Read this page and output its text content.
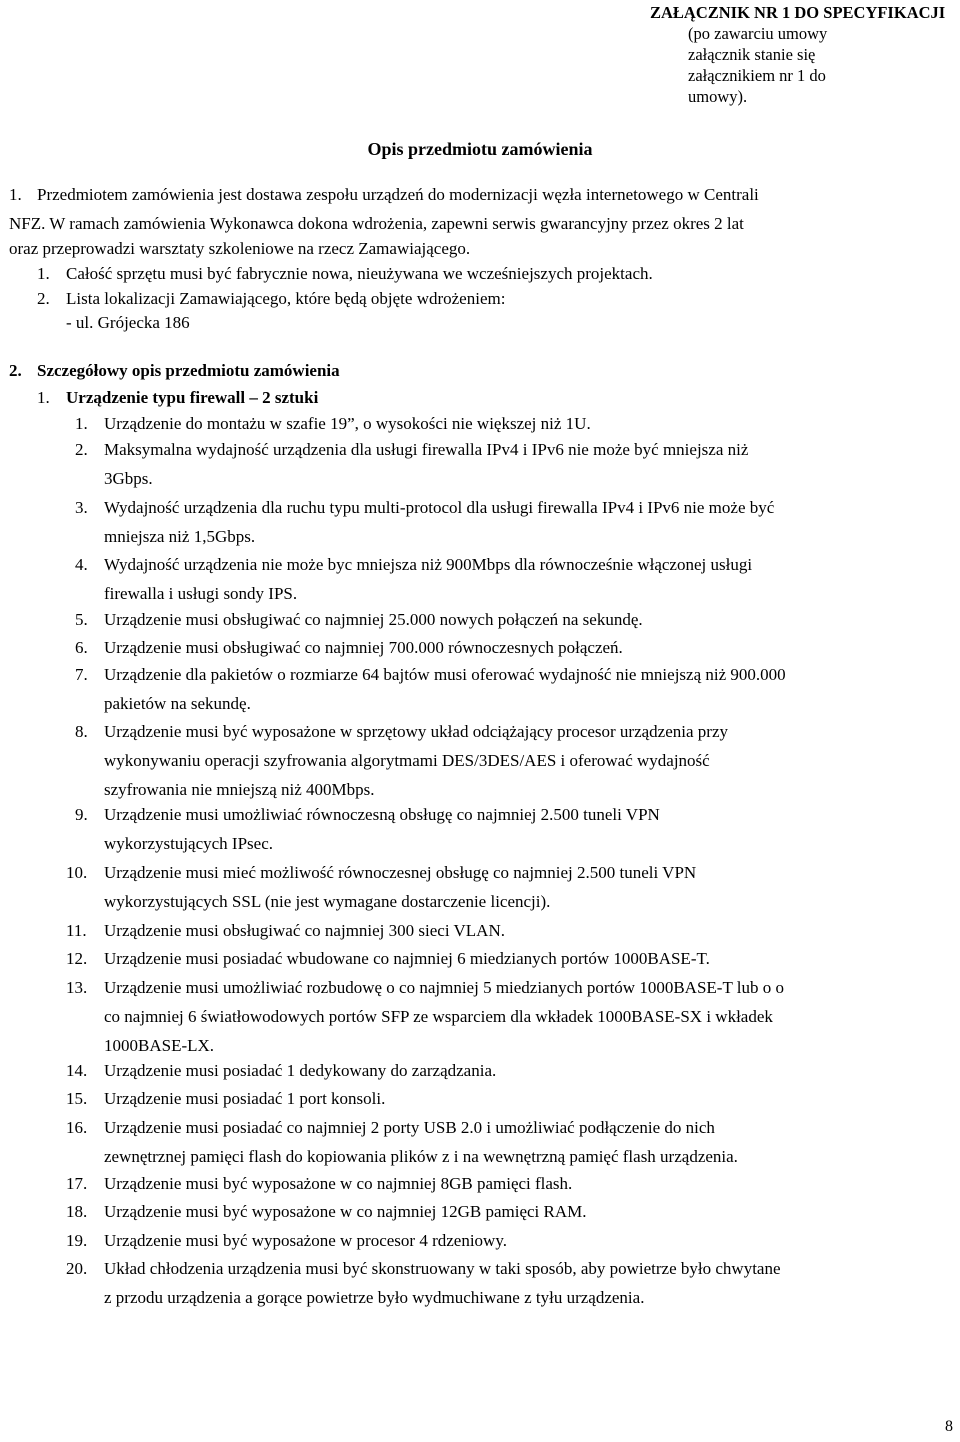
ZAŁĄCZNIK NR 1 DO SPECYFIKACJI
(po zawarciu umowy załącznik stanie się załącznikiem nr 1 do umowy).
Opis przedmiotu zamówienia
1. Przedmiotem zamówienia jest dostawa zespołu urządzeń do modernizacji węzła internetowego w Centrali
NFZ. W ramach zamówienia Wykonawca dokona wdrożenia, zapewni serwis gwarancyjny przez okres 2 lat
oraz przeprowadzi warsztaty szkoleniowe na rzecz Zamawiającego.
1. Całość sprzętu musi być fabrycznie nowa, nieużywana we wcześniejszych projektach.
2. Lista lokalizacji Zamawiającego, które będą objęte wdrożeniem:
- ul. Grójecka 186
2. Szczegółowy opis przedmiotu zamówienia
1. Urządzenie typu firewall – 2 sztuki
1. Urządzenie do montażu w szafie 19”, o wysokości nie większej niż 1U.
2. Maksymalna wydajność urządzenia dla usługi firewalla IPv4 i IPv6 nie może być mniejsza niż
3Gbps.
3. Wydajność urządzenia dla ruchu typu multi-protocol dla usługi firewalla IPv4 i IPv6 nie może być
mniejsza niż 1,5Gbps.
4. Wydajność urządzenia nie może byc mniejsza niż 900Mbps dla równocześnie włączonej usługi
firewalla i usługi sondy IPS.
5. Urządzenie musi obsługiwać co najmniej 25.000 nowych połączeń na sekundę.
6. Urządzenie musi obsługiwać co najmniej 700.000 równoczesnych połączeń.
7. Urządzenie dla pakietów o rozmiarze 64 bajtów musi oferować wydajność nie mniejszą niż 900.000
pakietów na sekundę.
8. Urządzenie musi być wyposażone w sprzętowy układ odciążający procesor urządzenia przy
wykonywaniu operacji szyfrowania algorytmami DES/3DES/AES i oferować wydajność
szyfrowania nie mniejszą niż 400Mbps.
9. Urządzenie musi umożliwiać równoczesną obsługę co najmniej 2.500 tuneli VPN
wykorzystujących IPsec.
10. Urządzenie musi mieć możliwość równoczesnej obsługę co najmniej 2.500 tuneli VPN
wykorzystujących SSL (nie jest wymagane dostarczenie licencji).
11. Urządzenie musi obsługiwać co najmniej 300 sieci VLAN.
12. Urządzenie musi posiadać wbudowane co najmniej 6 miedzianych portów 1000BASE-T.
13. Urządzenie musi umożliwiać rozbudowę o co najmniej 5 miedzianych portów 1000BASE-T lub o o
co najmniej 6 światłowodowych portów SFP ze wsparciem dla wkładek 1000BASE-SX i wkładek
1000BASE-LX.
14. Urządzenie musi posiadać 1 dedykowany do zarządzania.
15. Urządzenie musi posiadać 1 port konsoli.
16. Urządzenie musi posiadać co najmniej 2 porty USB 2.0 i umożliwiać podłączenie do nich
zewnętrznej pamięci flash do kopiowania plików z i na wewnętrzną pamięć flash urządzenia.
17. Urządzenie musi być wyposażone w co najmniej 8GB pamięci flash.
18. Urządzenie musi być wyposażone w co najmniej 12GB pamięci RAM.
19. Urządzenie musi być wyposażone w procesor 4 rdzeniowy.
20. Układ chłodzenia urządzenia musi być skonstruowany w taki sposób, aby powietrze było chwytane
z przodu urządzenia a gorące powietrze było wydmuchiwane z tyłu urządzenia.
8
